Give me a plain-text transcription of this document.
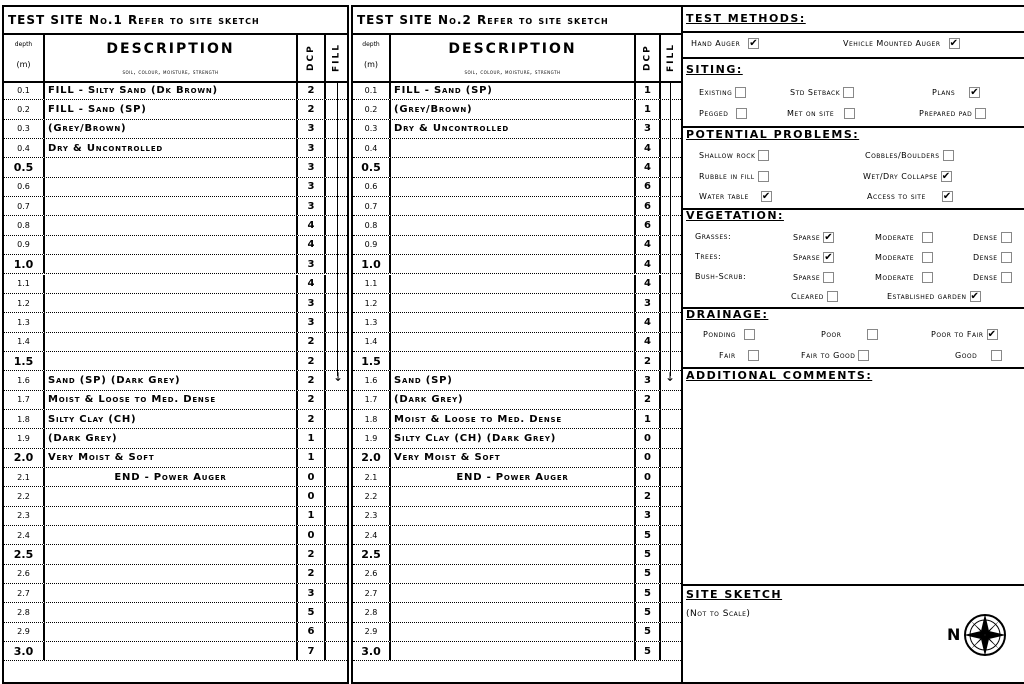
TEST SITE No.1 Refer to site sketch
depth
(m)
DESCRIPTION
soil, colour, moisture, strength
DCP	FILL
0.1	FILL - Silty Sand (Dk Brown)	2
0.2	FILL - Sand (SP)	2
0.3	(Grey/Brown)	3
0.4	Dry & Uncontrolled	3
0.5	3
0.6	3
0.7	3
0.8	4
0.9	4
1.0	3
1.1	4
1.2	3
1.3	3
1.4	2
1.5	2
1.6	Sand (SP) (Dark Grey)	2
1.7	Moist & Loose to Med. Dense	2
1.8	Silty Clay (CH)	2
1.9	(Dark Grey)	1
2.0	Very Moist & Soft	1
2.1	END - Power Auger	0
2.2	0
2.3	1
2.4	0
2.5	2
2.6	2
2.7	3
2.8	5
2.9	6
3.0	7
↓
TEST SITE No.2 Refer to site sketch
depth
(m)
DESCRIPTION
soil, colour, moisture, strength
DCP	FILL
0.1	FILL - Sand (SP)	1
0.2	(Grey/Brown)	1
0.3	Dry & Uncontrolled	3
0.4	4
0.5	4
0.6	6
0.7	6
0.8	6
0.9	4
1.0	4
1.1	4
1.2	3
1.3	4
1.4	4
1.5	2
1.6	Sand (SP)	3
1.7	(Dark Grey)	2
1.8	Moist & Loose to Med. Dense	1
1.9	Silty Clay (CH) (Dark Grey)	0
2.0	Very Moist & Soft	0
2.1	END - Power Auger	0
2.2	2
2.3	3
2.4	5
2.5	5
2.6	5
2.7	5
2.8	5
2.9	5
3.0	5
↓
TEST METHODS:
Hand Auger ✔	Vehicle Mounted Auger ✔
SITING:
Existing	Std Setback	Plans ✔
Pegged	Met on site	Prepared pad
POTENTIAL PROBLEMS:
Shallow rock	Cobbles/Boulders
Rubble in fill	Wet/Dry Collapse ✔
Water table ✔	Access to site ✔
VEGETATION:
Grasses:	Sparse ✔	Moderate	Dense
Trees:	Sparse ✔	Moderate	Dense
Bush-Scrub:	Sparse	Moderate	Dense
Cleared	Established garden ✔
DRAINAGE:
Ponding	Poor	Poor to Fair ✔
Fair	Fair to Good	Good
ADDITIONAL COMMENTS:
SITE SKETCH
(Not to Scale)
N
